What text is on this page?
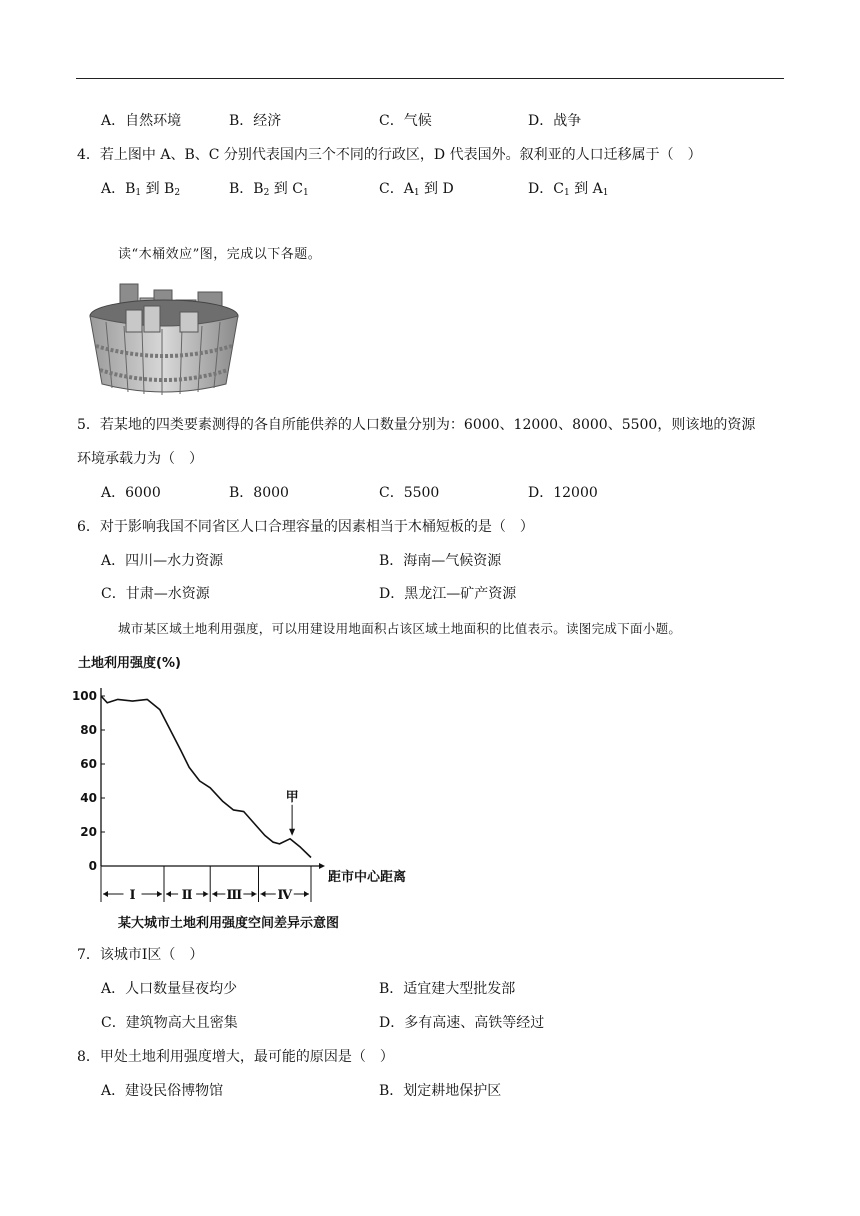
A．自然环境	B．经济	C．气候	D．战争
4．若上图中 A、B、C 分别代表国内三个不同的行政区，D 代表国外。叙利亚的人口迁移属于（　）
A．$B_1$ 到 $B_2$	B．$B_2$ 到 $C_1$	C．$A_1$ 到 D	D．$C_1$ 到 $A_1$
读“木桶效应”图，完成以下各题。
5．若某地的四类要素测得的各自所能供养的人口数量分别为：6000、12000、8000、5500，则该地的资源
环境承载力为（　）
A．6000	B．8000	C．5500	D．12000
6．对于影响我国不同省区人口合理容量的因素相当于木桶短板的是（　）
A．四川—水力资源	B．海南—气候资源
C．甘肃—水资源	D．黑龙江—矿产资源
城市某区域土地利用强度，可以用建设用地面积占该区域土地面积的比值表示。读图完成下面小题。
土地利用强度(%)
100
80
60
40
20
0
距市中心距离
Ⅰ	Ⅱ	Ⅲ	Ⅳ
甲
某大城市土地利用强度空间差异示意图
7．该城市Ⅰ区（　）
A．人口数量昼夜均少	B．适宜建大型批发部
C．建筑物高大且密集	D．多有高速、高铁等经过
8．甲处土地利用强度增大，最可能的原因是（　）
A．建设民俗博物馆	B．划定耕地保护区
